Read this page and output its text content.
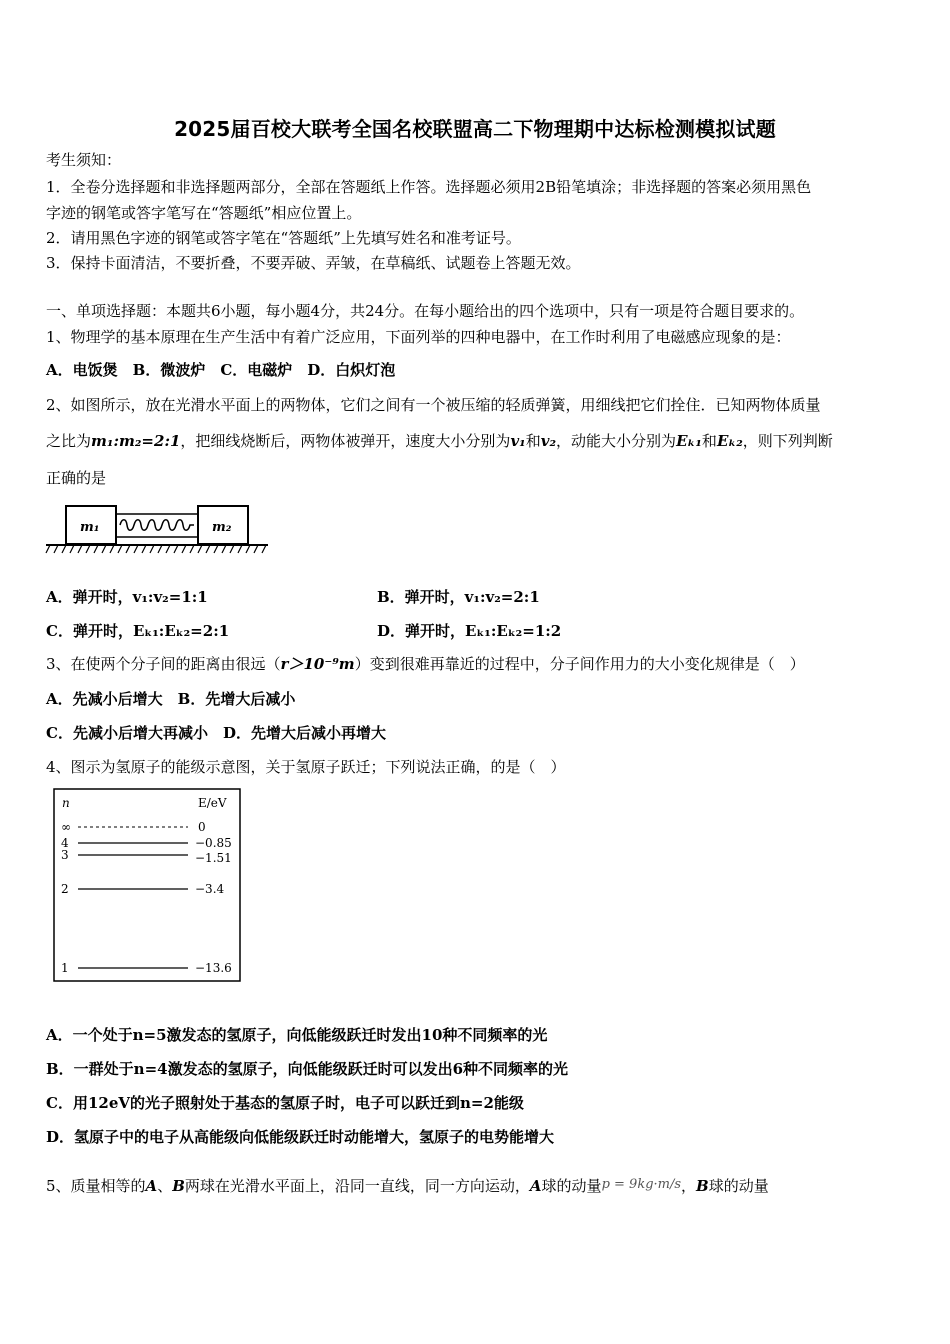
2025届百校大联考全国名校联盟高二下物理期中达标检测模拟试题
考生须知：
1．全卷分选择题和非选择题两部分，全部在答题纸上作答。选择题必须用2B铅笔填涂；非选择题的答案必须用黑色
字迹的钢笔或答字笔写在“答题纸”相应位置上。
2．请用黑色字迹的钢笔或答字笔在“答题纸”上先填写姓名和准考证号。
3．保持卡面清洁，不要折叠，不要弄破、弄皱，在草稿纸、试题卷上答题无效。
一、单项选择题：本题共6小题，每小题4分，共24分。在每小题给出的四个选项中，只有一项是符合题目要求的。
1、物理学的基本原理在生产生活中有着广泛应用，下面列举的四种电器中，在工作时利用了电磁感应现象的是：
A．电饭煲　B．微波炉　C．电磁炉　D．白炽灯泡
2、如图所示，放在光滑水平面上的两物体，它们之间有一个被压缩的轻质弹簧，用细线把它们拴住．已知两物体质量
之比为m₁:m₂=2:1，把细线烧断后，两物体被弹开，速度大小分别为v₁和v₂，动能大小分别为Eₖ₁和Eₖ₂，则下列判断
正确的是
m₁	m₂
A．弹开时，v₁:v₂=1:1	B．弹开时，v₁:v₂=2:1
C．弹开时，Eₖ₁:Eₖ₂=2:1	D．弹开时，Eₖ₁:Eₖ₂=1:2
3、在使两个分子间的距离由很远（r＞10⁻⁹m）变到很难再靠近的过程中，分子间作用力的大小变化规律是（　）
A．先减小后增大　B．先增大后减小
C．先减小后增大再减小　D．先增大后减小再增大
4、图示为氢原子的能级示意图，关于氢原子跃迁；下列说法正确，的是（　）
n	E/eV
∞	0
4	−0.85
3	−1.51
2	−3.4
1	−13.6
A．一个处于n=5激发态的氢原子，向低能级跃迁时发出10种不同频率的光
B．一群处于n=4激发态的氢原子，向低能级跃迁时可以发出6种不同频率的光
C．用12eV的光子照射处于基态的氢原子时，电子可以跃迁到n=2能级
D．氢原子中的电子从高能级向低能级跃迁时动能增大，氢原子的电势能增大
5、质量相等的A、B两球在光滑水平面上，沿同一直线，同一方向运动，A球的动量p = 9kg·m/s，B球的动量
